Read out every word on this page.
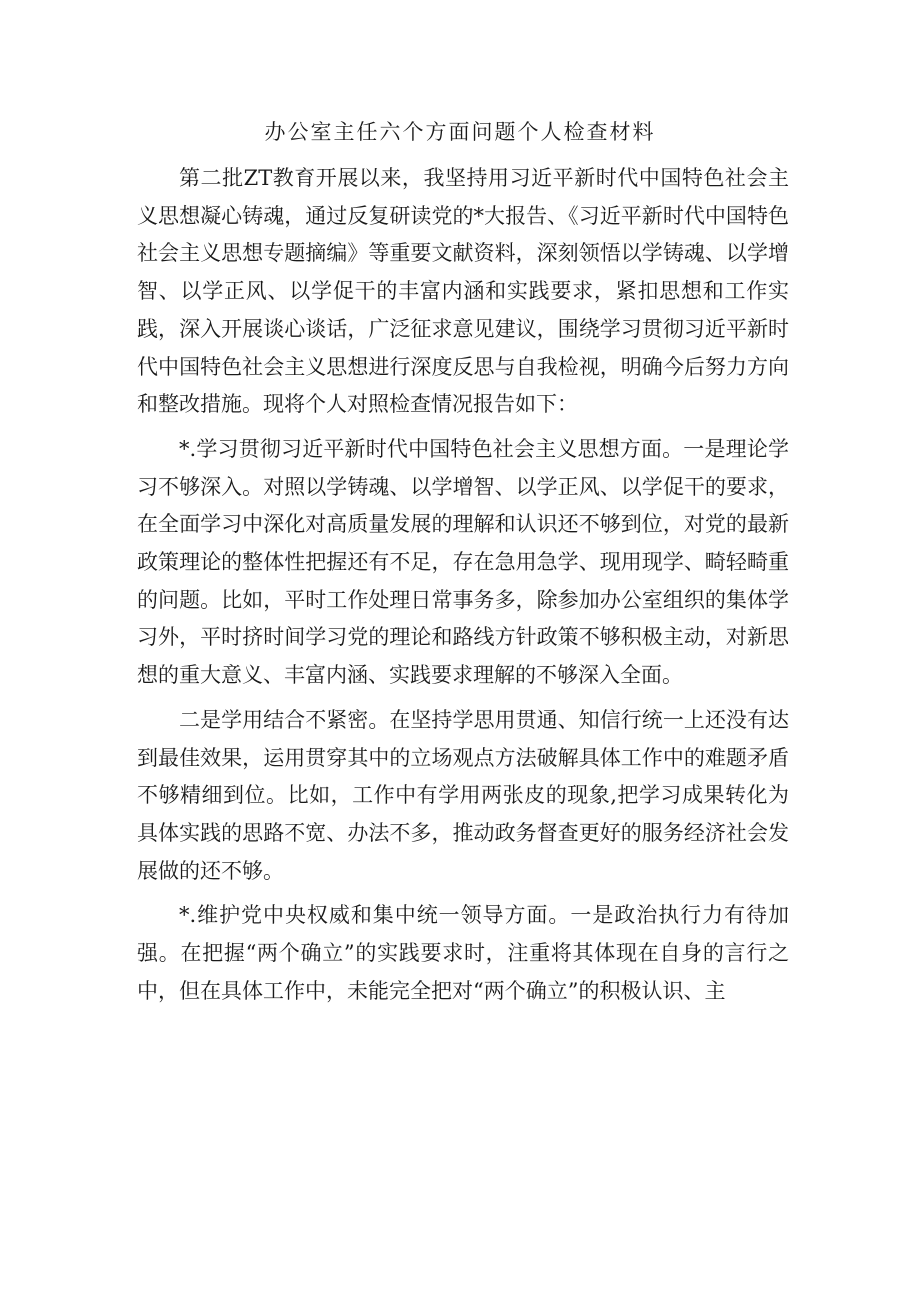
办公室主任六个方面问题个人检查材料

第二批ZT教育开展以来，我坚持用习近平新时代中国特色社会主义思想凝心铸魂，通过反复研读党的*大报告、《习近平新时代中国特色社会主义思想专题摘编》等重要文献资料，深刻领悟以学铸魂、以学增智、以学正风、以学促干的丰富内涵和实践要求，紧扣思想和工作实践，深入开展谈心谈话，广泛征求意见建议，围绕学习贯彻习近平新时代中国特色社会主义思想进行深度反思与自我检视，明确今后努力方向和整改措施。现将个人对照检查情况报告如下：

*.学习贯彻习近平新时代中国特色社会主义思想方面。一是理论学习不够深入。对照以学铸魂、以学增智、以学正风、以学促干的要求，在全面学习中深化对高质量发展的理解和认识还不够到位，对党的最新政策理论的整体性把握还有不足，存在急用急学、现用现学、畸轻畸重的问题。比如，平时工作处理日常事务多，除参加办公室组织的集体学习外，平时挤时间学习党的理论和路线方针政策不够积极主动，对新思想的重大意义、丰富内涵、实践要求理解的不够深入全面。

二是学用结合不紧密。在坚持学思用贯通、知信行统一上还没有达到最佳效果，运用贯穿其中的立场观点方法破解具体工作中的难题矛盾不够精细到位。比如，工作中有学用两张皮的现象,把学习成果转化为具体实践的思路不宽、办法不多，推动政务督查更好的服务经济社会发展做的还不够。

*.维护党中央权威和集中统一领导方面。一是政治执行力有待加强。在把握“两个确立”的实践要求时，注重将其体现在自身的言行之中，但在具体工作中，未能完全把对“两个确立”的积极认识、主
